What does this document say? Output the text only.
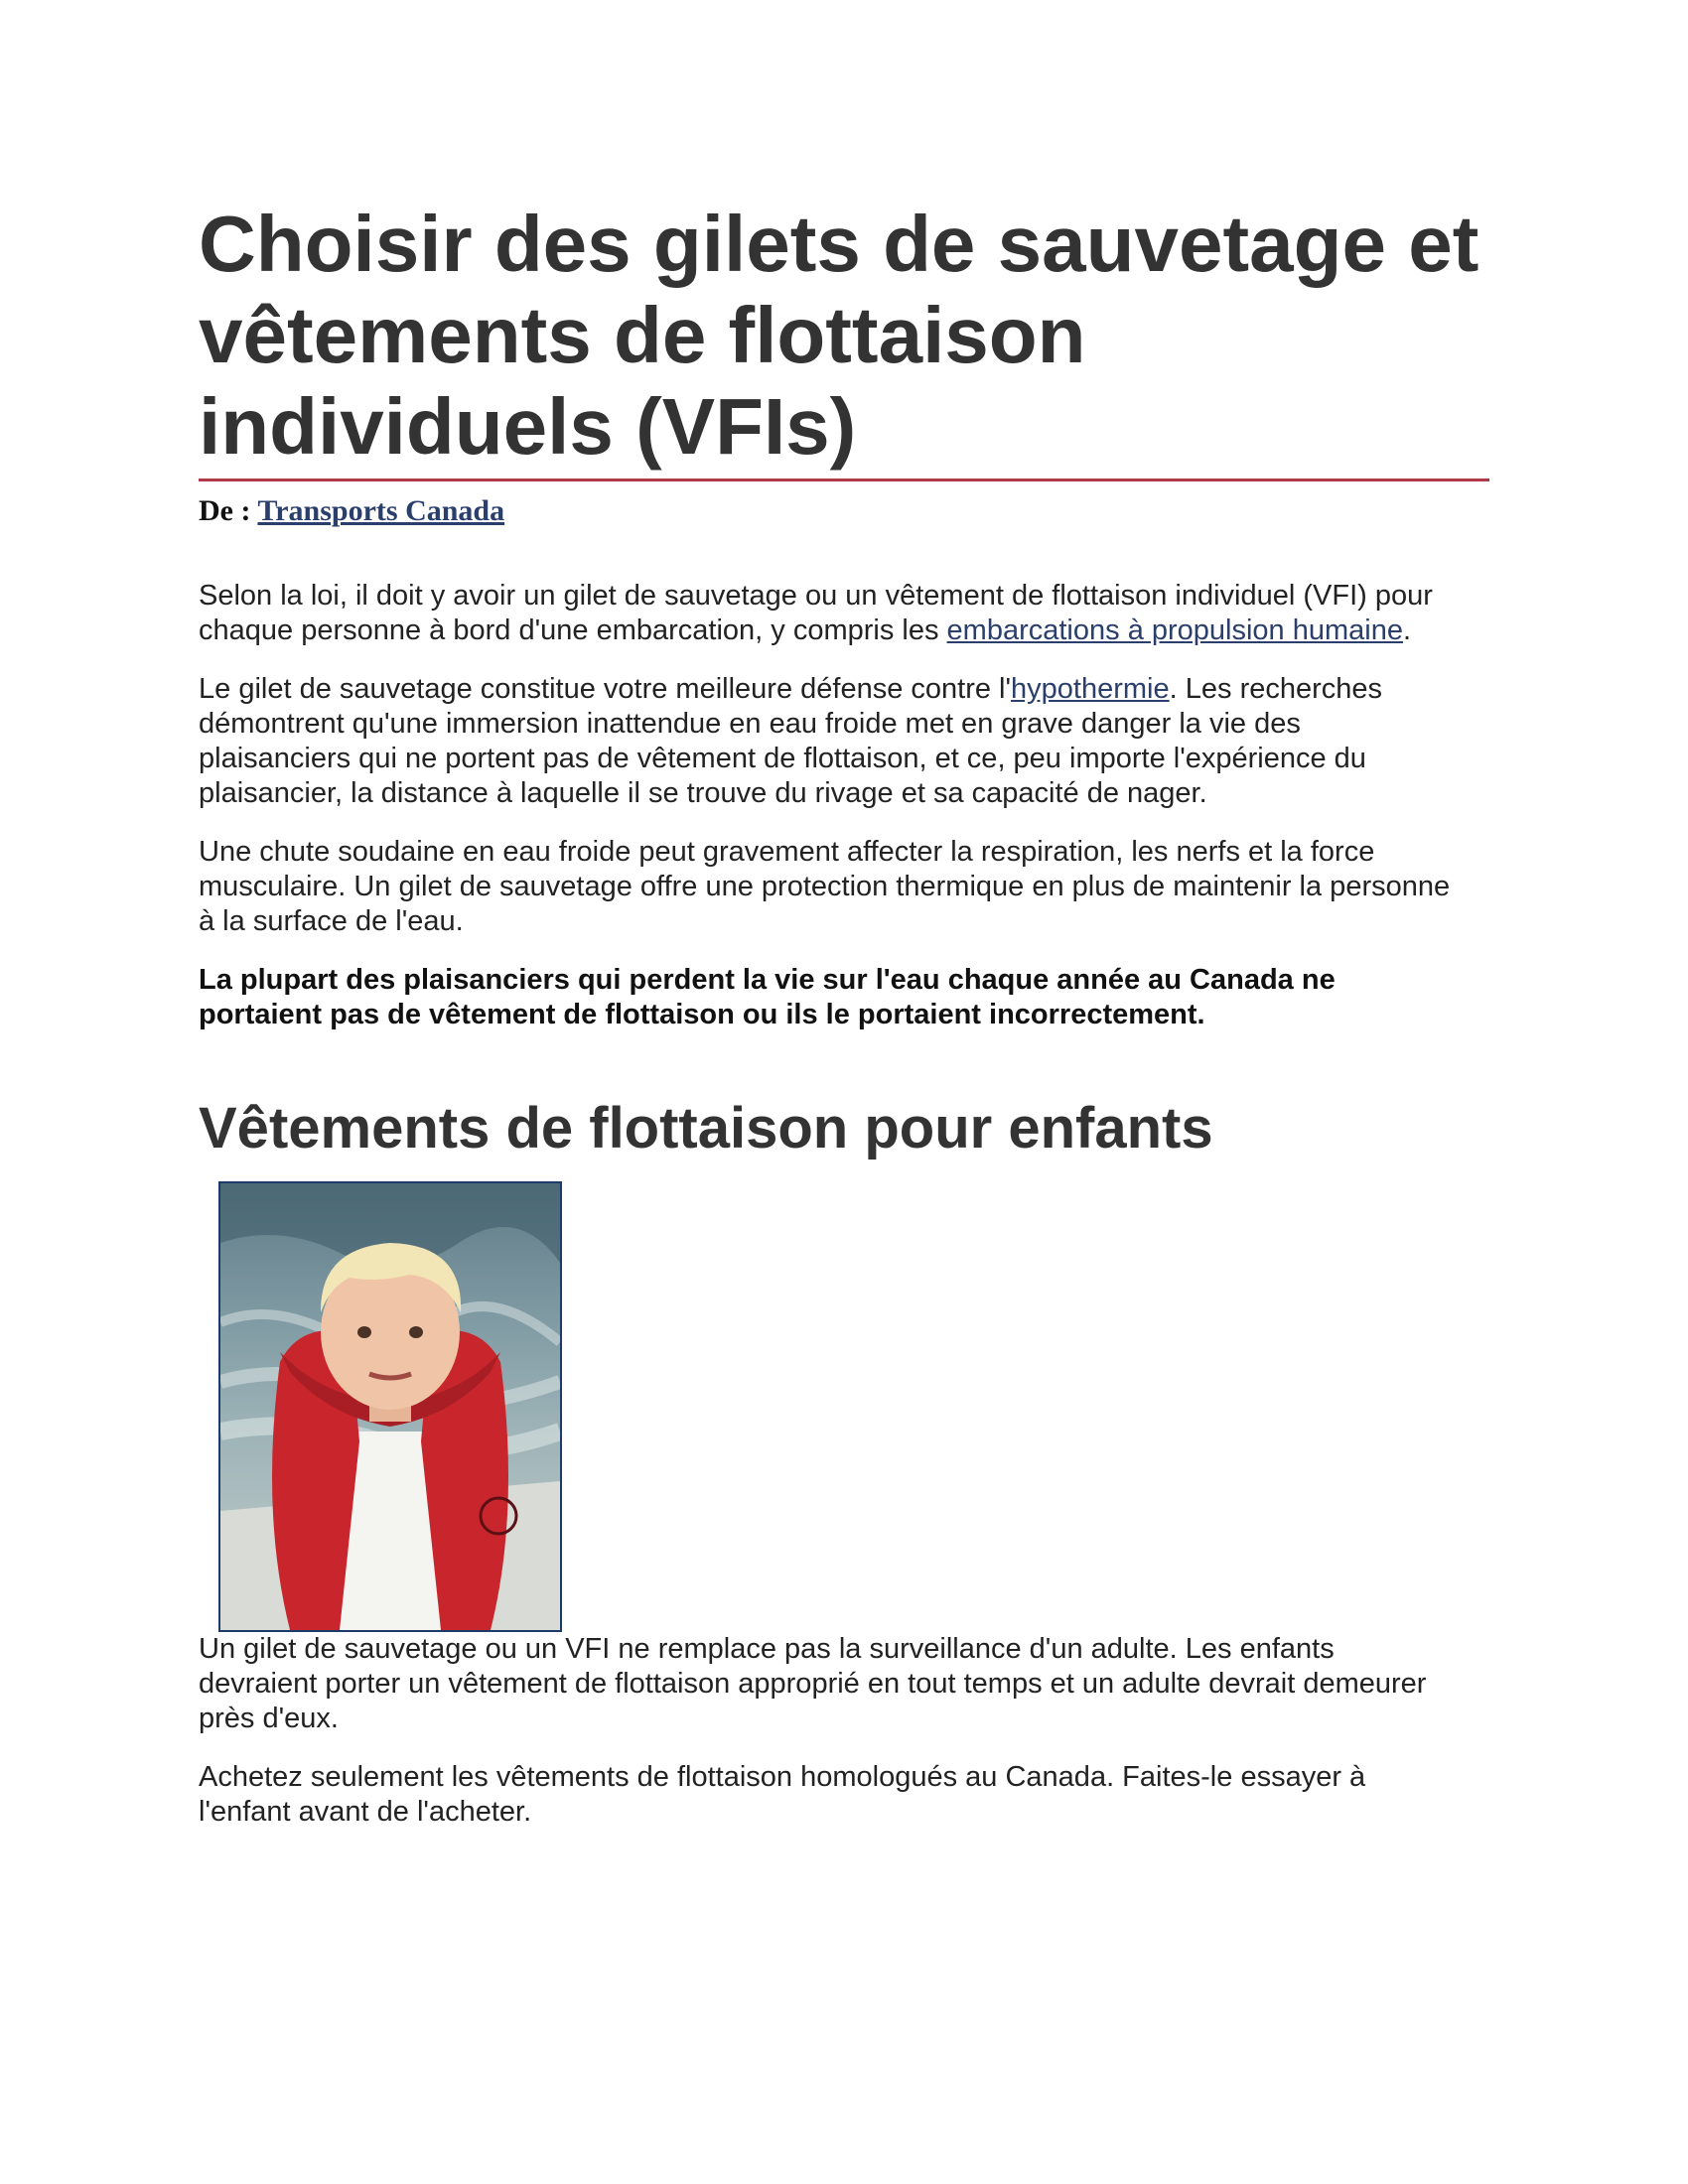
Choisir des gilets de sauvetage et vêtements de flottaison individuels (VFIs)
De : Transports Canada

Selon la loi, il doit y avoir un gilet de sauvetage ou un vêtement de flottaison individuel (VFI) pour chaque personne à bord d'une embarcation, y compris les embarcations à propulsion humaine.

Le gilet de sauvetage constitue votre meilleure défense contre l'hypothermie. Les recherches démontrent qu'une immersion inattendue en eau froide met en grave danger la vie des plaisanciers qui ne portent pas de vêtement de flottaison, et ce, peu importe l'expérience du plaisancier, la distance à laquelle il se trouve du rivage et sa capacité de nager.

Une chute soudaine en eau froide peut gravement affecter la respiration, les nerfs et la force musculaire. Un gilet de sauvetage offre une protection thermique en plus de maintenir la personne à la surface de l'eau.

La plupart des plaisanciers qui perdent la vie sur l'eau chaque année au Canada ne portaient pas de vêtement de flottaison ou ils le portaient incorrectement.

Vêtements de flottaison pour enfants

Un gilet de sauvetage ou un VFI ne remplace pas la surveillance d'un adulte. Les enfants devraient porter un vêtement de flottaison approprié en tout temps et un adulte devrait demeurer près d'eux.

Achetez seulement les vêtements de flottaison homologués au Canada. Faites-le essayer à l'enfant avant de l'acheter.
